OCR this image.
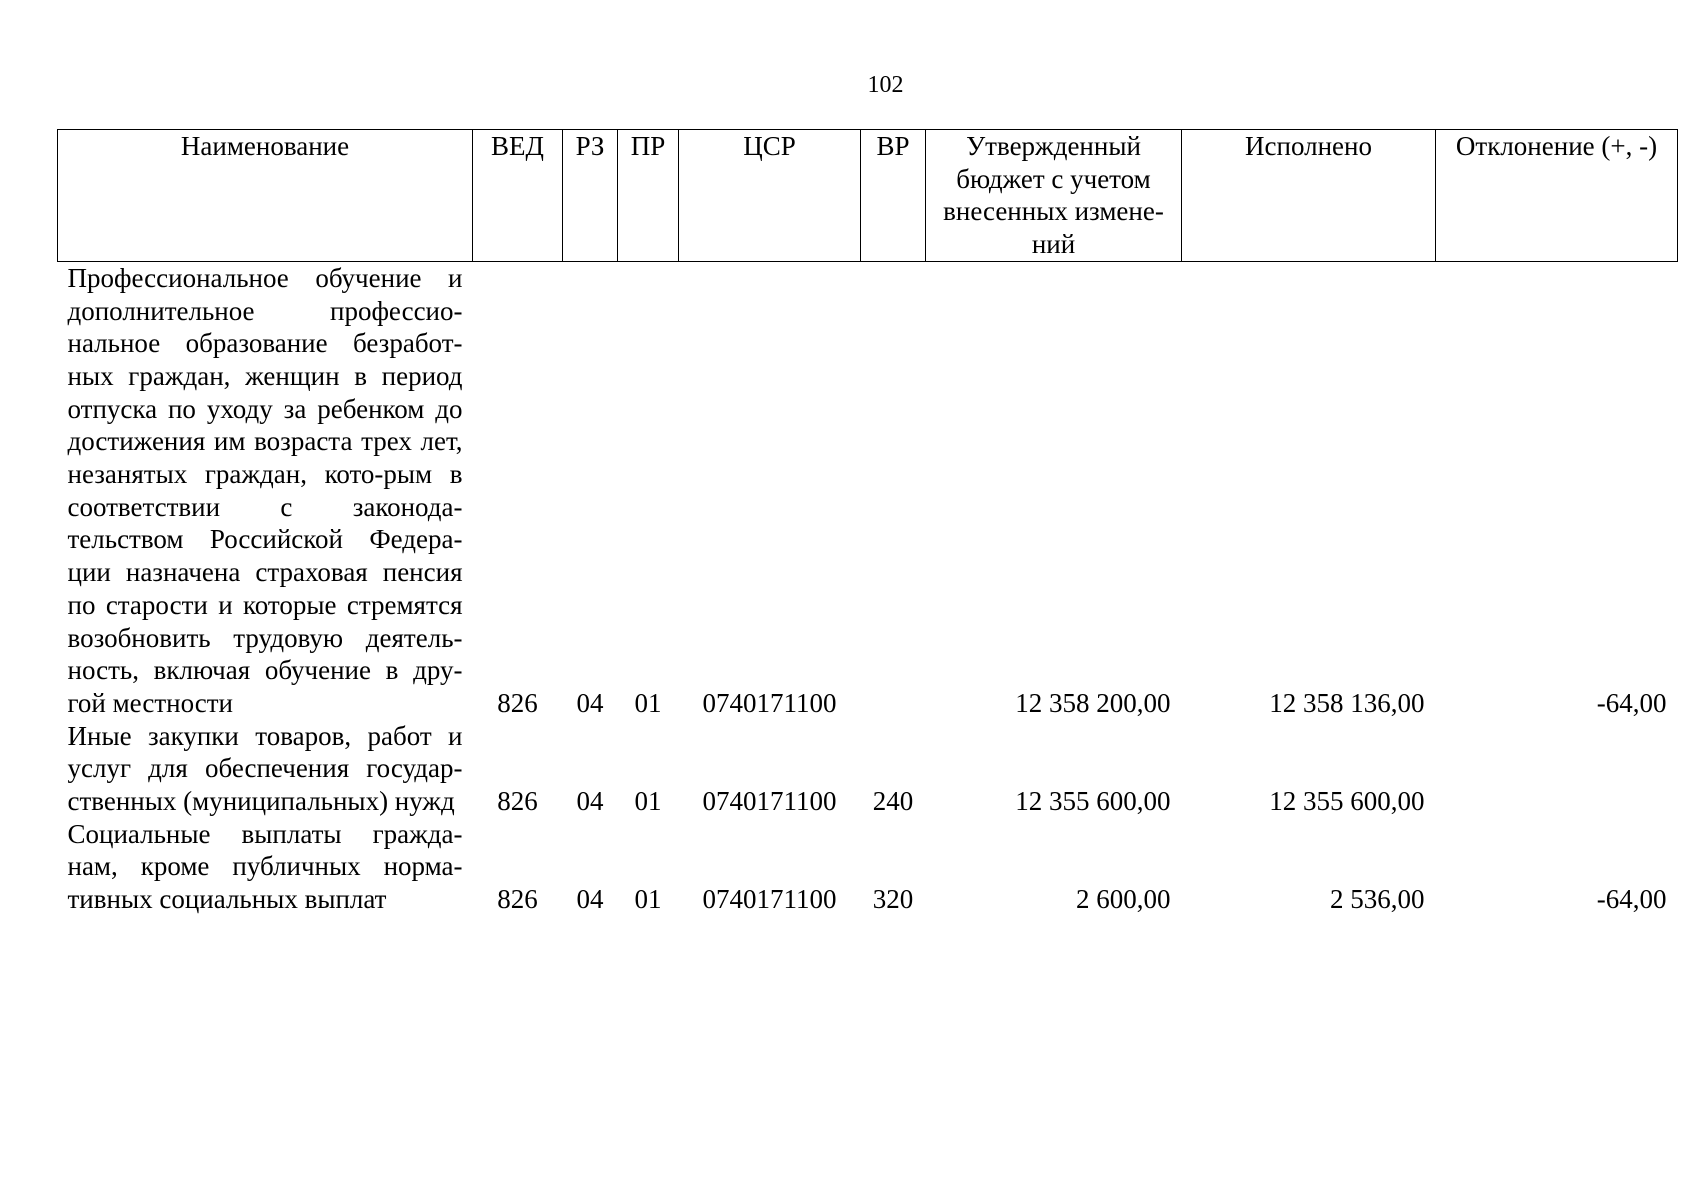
102
Наименование	ВЕД	РЗ	ПР	ЦСР	ВР	Утвержденный бюджет с учетом внесенных измене-ний	Исполнено	Отклонение (+, -)
Профессиональное обучение и дополнительное профессио-нальное образование безработ-ных граждан, женщин в период отпуска по уходу за ребенком до достижения им возраста трех лет, незанятых граждан, кото-рым в соответствии с законода-тельством Российской Федера-ции назначена страховая пенсия по старости и которые стремятся возобновить трудовую деятель-ность, включая обучение в дру-гой местности	826	04	01	0740171100		12 358 200,00	12 358 136,00	-64,00
Иные закупки товаров, работ и услуг для обеспечения государ-ственных (муниципальных) нужд	826	04	01	0740171100	240	12 355 600,00	12 355 600,00	
Социальные выплаты гражда-нам, кроме публичных норма-тивных социальных выплат	826	04	01	0740171100	320	2 600,00	2 536,00	-64,00
